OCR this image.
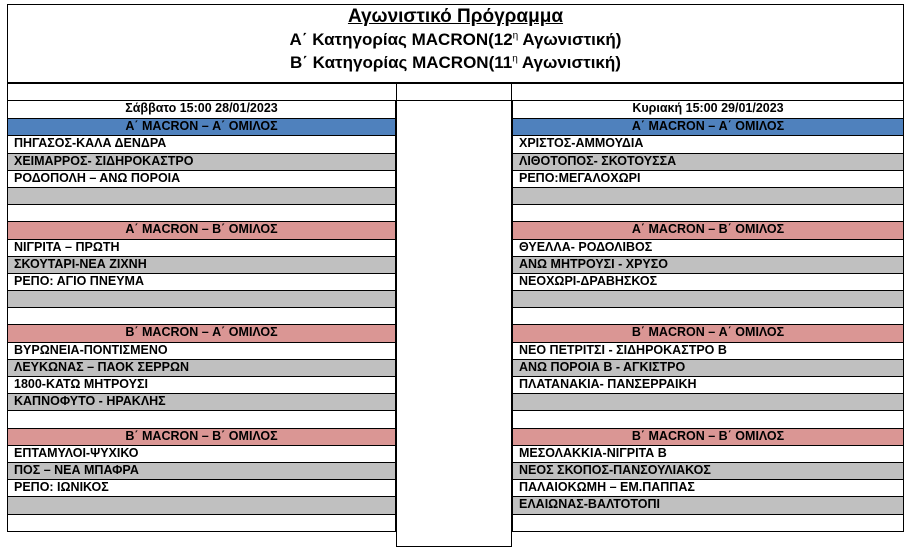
Αγωνιστικό Πρόγραμμα
Α΄ Κατηγορίας $MACRON(12^\eta$ Αγωνιστική)
Β΄ Κατηγορίας $MACRON(11^\eta$ Αγωνιστική)
Σάββατο 15:00 28/01/2023
Α΄ MACRON – Α΄ ΟΜΙΛΟΣ
ΠΗΓΑΣΟΣ-ΚΑΛΑ ΔΕΝΔΡΑ
ΧΕΙΜΑΡΡΟΣ- ΣΙΔΗΡΟΚΑΣΤΡΟ
ΡΟΔΟΠΟΛΗ – ΑΝΩ ΠΟΡΟΙΑ
Α΄ MACRON – Β΄ ΟΜΙΛΟΣ
ΝΙΓΡΙΤΑ – ΠΡΩΤΗ
ΣΚΟΥΤΑΡΙ-ΝΕΑ ΖΙΧΝΗ
ΡΕΠΟ: ΑΓΙΟ ΠΝΕΥΜΑ
Β΄ MACRON – Α΄ ΟΜΙΛΟΣ
ΒΥΡΩΝΕΙΑ-ΠΟΝΤΙΣΜΕΝΟ
ΛΕΥΚΩΝΑΣ – ΠΑΟΚ ΣΕΡΡΩΝ
1800-ΚΑΤΩ ΜΗΤΡΟΥΣΙ
ΚΑΠΝΟΦΥΤΟ - ΗΡΑΚΛΗΣ
Β΄ MACRON – Β΄ ΟΜΙΛΟΣ
ΕΠΤΑΜΥΛΟΙ-ΨΥΧΙΚΟ
ΠΟΣ – ΝΕΑ ΜΠΑΦΡΑ
ΡΕΠΟ: ΙΩΝΙΚΟΣ
Κυριακή 15:00 29/01/2023
Α΄ MACRON – Α΄ ΟΜΙΛΟΣ
ΧΡΙΣΤΟΣ-ΑΜΜΟΥΔΙΑ
ΛΙΘΟΤΟΠΟΣ- ΣΚΟΤΟΥΣΣΑ
ΡΕΠΟ:ΜΕΓΑΛΟΧΩΡΙ
Α΄ MACRON – Β΄ ΟΜΙΛΟΣ
ΘΥΕΛΛΑ- ΡΟΔΟΛΙΒΟΣ
ΑΝΩ ΜΗΤΡΟΥΣΙ - ΧΡΥΣΟ
ΝΕΟΧΩΡΙ-ΔΡΑΒΗΣΚΟΣ
Β΄ MACRON – Α΄ ΟΜΙΛΟΣ
ΝΕΟ ΠΕΤΡΙΤΣΙ - ΣΙΔΗΡΟΚΑΣΤΡΟ Β
ΑΝΩ ΠΟΡΟΙΑ Β - ΑΓΚΙΣΤΡΟ
ΠΛΑΤΑΝΑΚΙΑ- ΠΑΝΣΕΡΡΑΙΚΗ
Β΄ MACRON – Β΄ ΟΜΙΛΟΣ
ΜΕΣΟΛΑΚΚΙΑ-ΝΙΓΡΙΤΑ Β
ΝΕΟΣ ΣΚΟΠΟΣ-ΠΑΝΣΟΥΛΙΑΚΟΣ
ΠΑΛΑΙΟΚΩΜΗ – ΕΜ.ΠΑΠΠΑΣ
ΕΛΑΙΩΝΑΣ-ΒΑΛΤΟΤΟΠΙ
